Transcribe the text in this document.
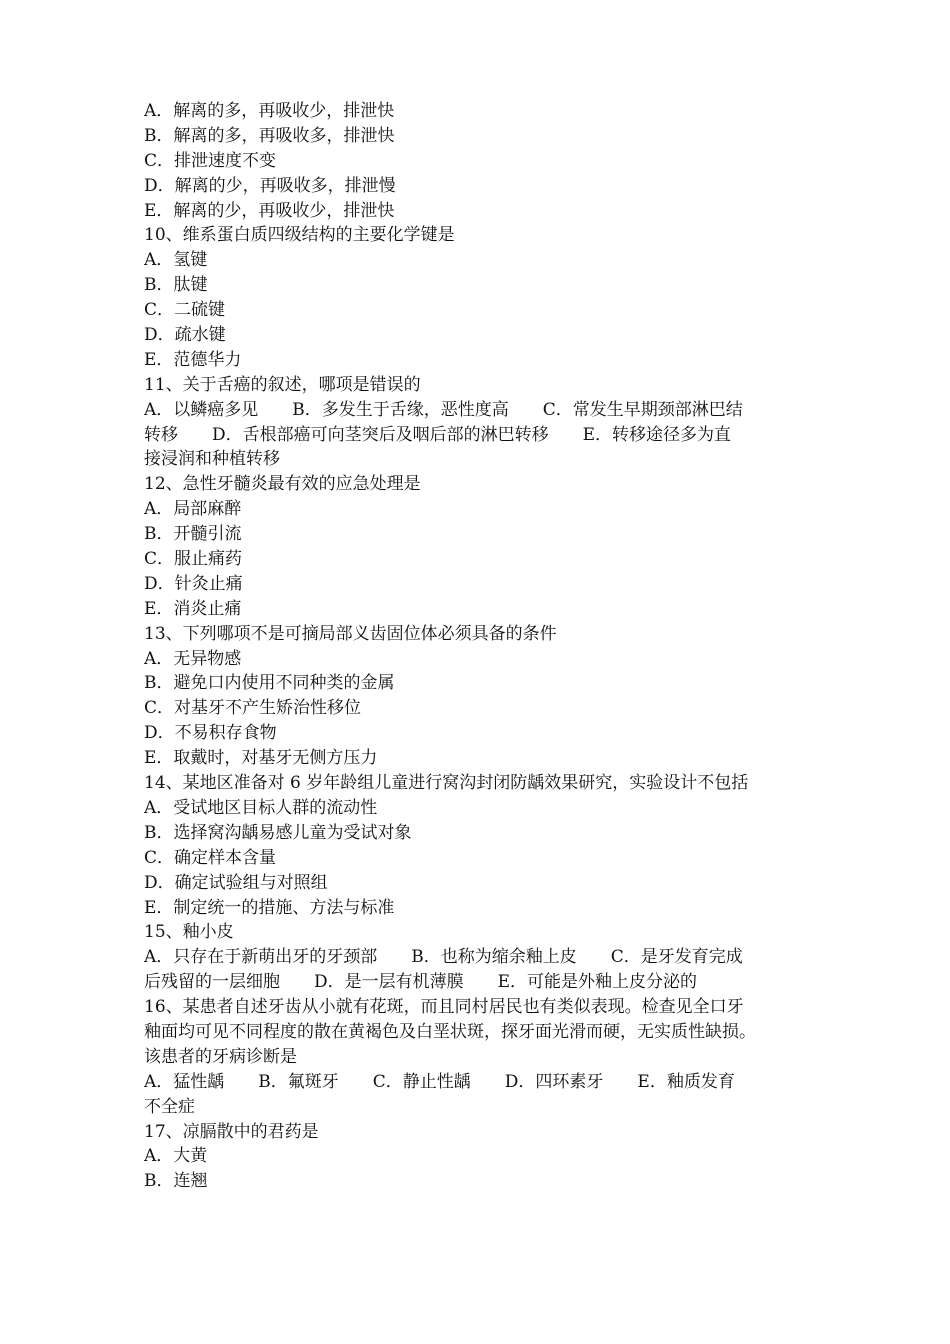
A．解离的多，再吸收少，排泄快
B．解离的多，再吸收多，排泄快
C．排泄速度不变
D．解离的少，再吸收多，排泄慢
E．解离的少，再吸收少，排泄快
10、维系蛋白质四级结构的主要化学键是
A．氢键
B．肽键
C．二硫键
D．疏水键
E．范德华力
11、关于舌癌的叙述，哪项是错误的
A．以鳞癌多见　　B．多发生于舌缘，恶性度高　　C．常发生早期颈部淋巴结
转移　　D．舌根部癌可向茎突后及咽后部的淋巴转移　　E．转移途径多为直
接浸润和种植转移
12、急性牙髓炎最有效的应急处理是
A．局部麻醉
B．开髓引流
C．服止痛药
D．针灸止痛
E．消炎止痛
13、下列哪项不是可摘局部义齿固位体必须具备的条件
A．无异物感
B．避免口内使用不同种类的金属
C．对基牙不产生矫治性移位
D．不易积存食物
E．取戴时，对基牙无侧方压力
14、某地区准备对 6 岁年龄组儿童进行窝沟封闭防龋效果研究，实验设计不包括
A．受试地区目标人群的流动性
B．选择窝沟龋易感儿童为受试对象
C．确定样本含量
D．确定试验组与对照组
E．制定统一的措施、方法与标准
15、釉小皮
A．只存在于新萌出牙的牙颈部　　B．也称为缩余釉上皮　　C．是牙发育完成
后残留的一层细胞　　D．是一层有机薄膜　　E．可能是外釉上皮分泌的
16、某患者自述牙齿从小就有花斑，而且同村居民也有类似表现。检查见全口牙
釉面均可见不同程度的散在黄褐色及白垩状斑，探牙面光滑而硬，无实质性缺损。
该患者的牙病诊断是
A．猛性龋　　B．氟斑牙　　C．静止性龋　　D．四环素牙　　E．釉质发育
不全症
17、凉膈散中的君药是
A．大黄
B．连翘
